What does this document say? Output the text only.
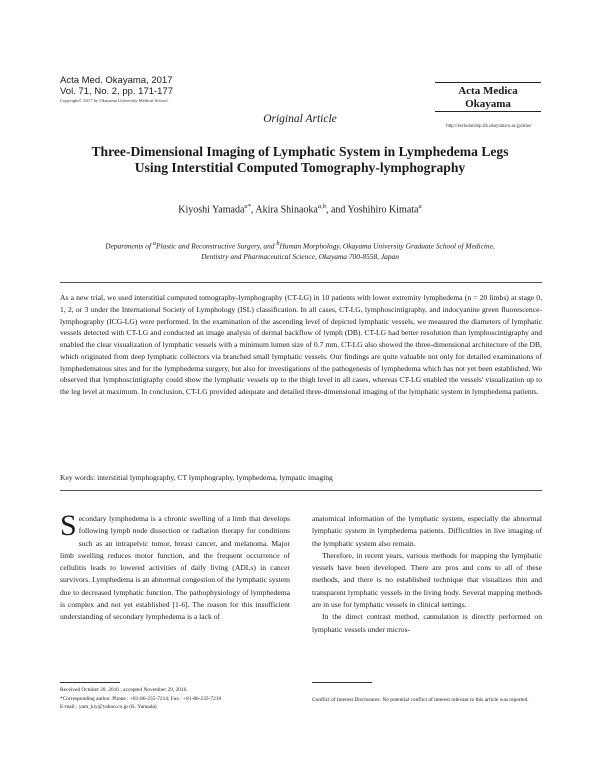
Acta Med. Okayama, 2017
Vol. 71, No. 2, pp. 171-177
Copyright© 2017 by Okayama University Medical School.
Acta Medica
Okayama
http://escholarship.lib.okayama-u.ac.jp/amo/
Original Article
Three-Dimensional Imaging of Lymphatic System in Lymphedema Legs
Using Interstitial Computed Tomography-lymphography
Kiyoshi Yamada$^{a*}$, Akira Shinaoka$^{a,b}$, and Yoshihiro Kimata$^a$
Departments of $^a$Plastic and Reconstructive Surgery, and $^b$Human Morphology, Okayama University Graduate School of Medicine,
Dentistry and Pharmaceutical Science, Okayama 700-8558, Japan
As a new trial, we used interstitial computed tomography-lymphography (CT-LG) in 10 patients with lower extremity lymphedema (n = 20 limbs) at stage 0, 1, 2, or 3 under the International Society of Lymphology (ISL) classification. In all cases, CT-LG, lymphoscintigraphy, and indocyanine green fluorescence-lymphography (ICG-LG) were performed. In the examination of the ascending level of depicted lymphatic vessels, we measured the diameters of lymphatic vessels detected with CT-LG and conducted an image analysis of dermal backflow of lymph (DB). CT-LG had better resolution than lymphoscintigraphy and enabled the clear visualization of lymphatic vessels with a minimum lumen size of 0.7 mm. CT-LG also showed the three-dimensional architecture of the DB, which originated from deep lymphatic collectors via branched small lymphatic vessels. Our findings are quite valuable not only for detailed examinations of lymphedematous sites and for the lymphedema surgery, but also for investigations of the pathogenesis of lymphedema which has not yet been established. We observed that lymphoscintigraphy could show the lymphatic vessels up to the thigh level in all cases, whereas CT-LG enabled the vessels' visualization up to the leg level at maximum. In conclusion, CT-LG provided adequate and detailed three-dimensional imaging of the lymphatic system in lymphedema patients.
Key words: interstitial lymphography, CT lymphography, lymphedema, lympatic imaging

Secondary lymphedema is a chronic swelling of a limb that develops following lymph node dissection or radiation therapy for conditions such as an intrapelvic tumor, breast cancer, and melanoma. Major limb swelling reduces motor function, and the frequent occurrence of cellulitis leads to lowered activities of daily living (ADLs) in cancer survivors. Lymphedema is an abnormal congestion of the lymphatic system due to decreased lymphatic function. The pathophysiology of lymphedema is complex and not yet established [1-6]. The reason for this insufficient understanding of secondary lymphedema is a lack of

anatomical information of the lymphatic system, especially the abnormal lymphatic system in lymphedema patients. Difficulties in live imaging of the lymphatic system also remain.

Therefore, in recent years, various methods for mapping the lymphatic vessels have been developed. There are pros and cons to all of these methods, and there is no established technique that visualizes thin and transparent lymphatic vessels in the living body. Several mapping methods are in use for lymphatic vessels in clinical settings.

In the direct contrast method, cannulation is directly performed on lymphatic vessels under micros-

Received October 20, 2016 ; accepted November 29, 2016.
*Corresponding author. Phone : +81-86-235-7214; Fax : +81-86-235-7210
E-mail : yam_kiy@yahoo.co.jp (K. Yamada)
Conflict of Interest Disclosures: No potential conflict of interest relevant to this article was reported.
